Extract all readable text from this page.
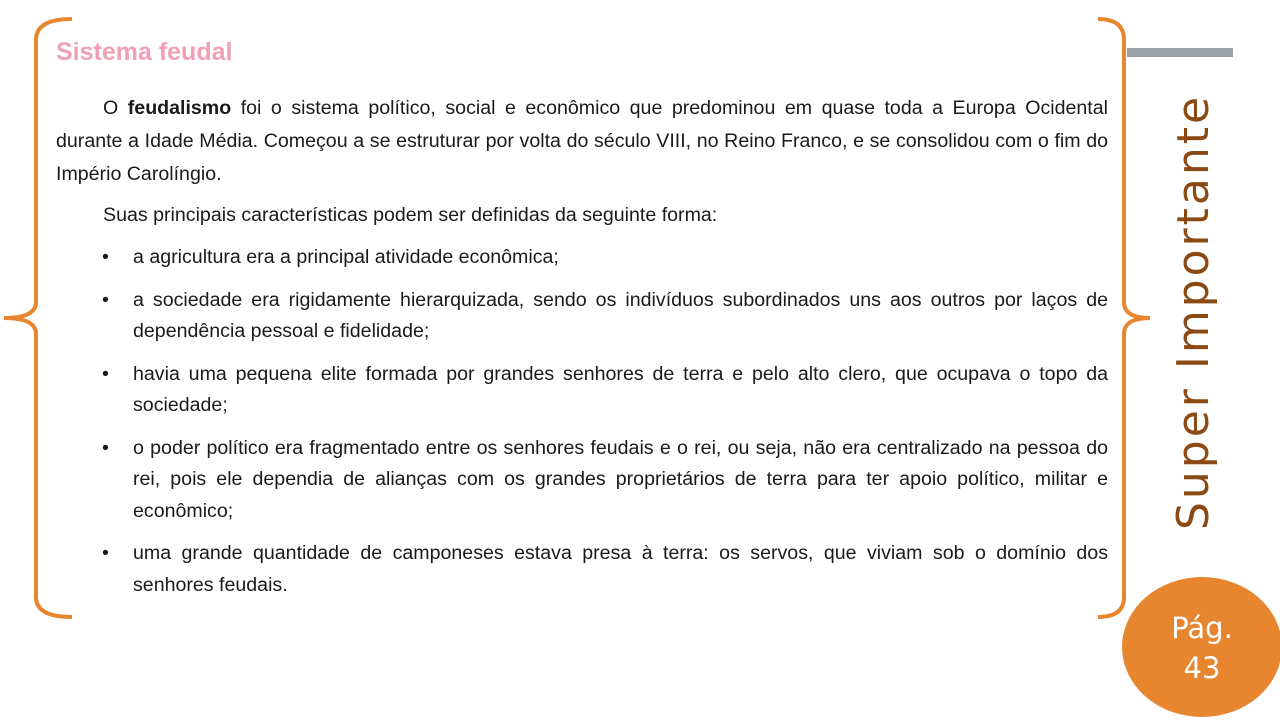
Sistema feudal

O feudalismo foi o sistema político, social e econômico que predominou em quase toda a Europa Ocidental durante a Idade Média. Começou a se estruturar por volta do século VIII, no Reino Franco, e se consolidou com o fim do Império Carolíngio.

Suas principais características podem ser definidas da seguinte forma:

• a agricultura era a principal atividade econômica;
• a sociedade era rigidamente hierarquizada, sendo os indivíduos subordinados uns aos outros por laços de dependência pessoal e fidelidade;
• havia uma pequena elite formada por grandes senhores de terra e pelo alto clero, que ocupava o topo da sociedade;
• o poder político era fragmentado entre os senhores feudais e o rei, ou seja, não era centralizado na pessoa do rei, pois ele dependia de alianças com os grandes proprietários de terra para ter apoio político, militar e econômico;
• uma grande quantidade de camponeses estava presa à terra: os servos, que viviam sob o domínio dos senhores feudais.
Super Importante
Pág.
43
